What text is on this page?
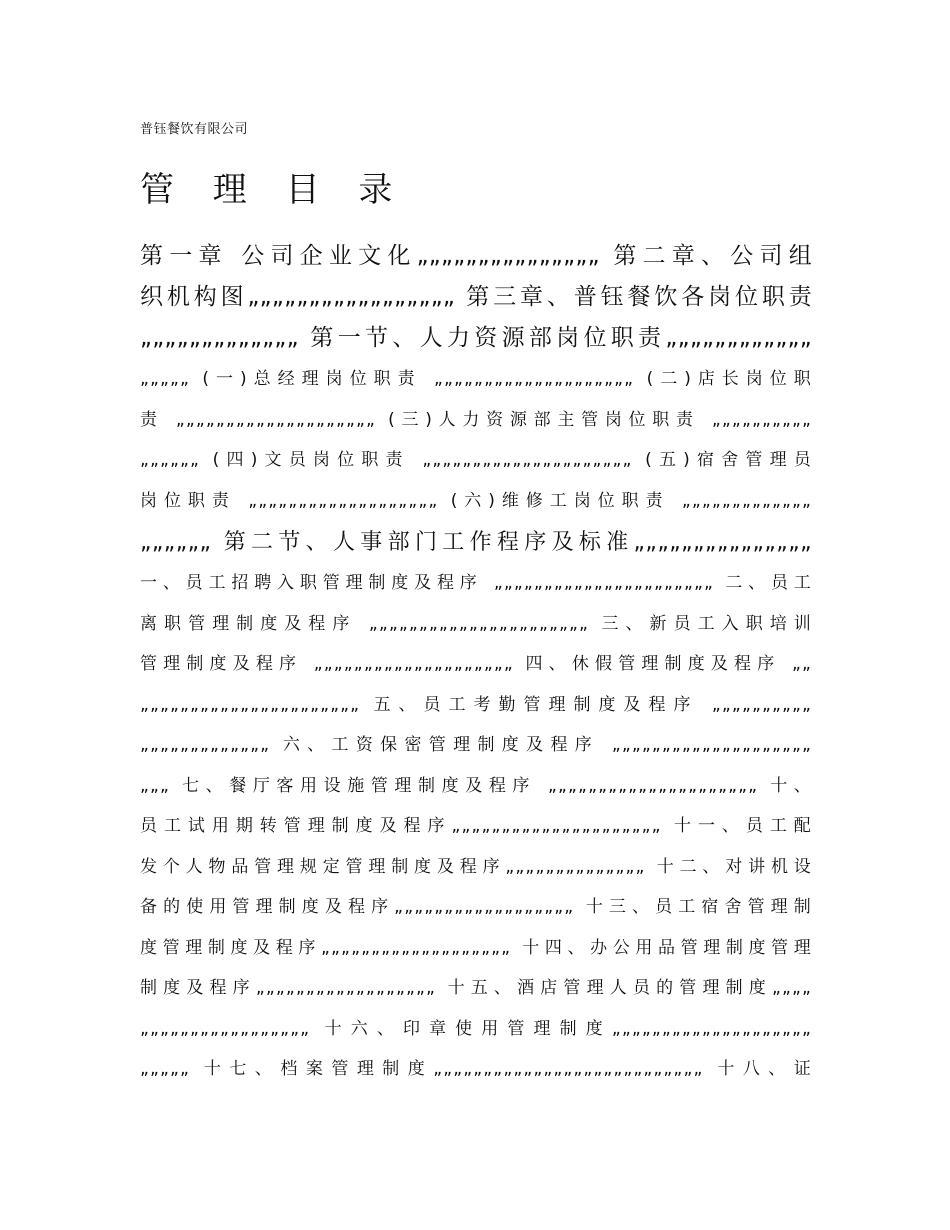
普钰餐饮有限公司
管 理 目 录
第一章 公司企业文化„„„„„„„„„„„„„„„ 第二章、公司组
织机构图„„„„„„„„„„„„„„„„„ 第三章、普钰餐饮各岗位职责
„„„„„„„„„„„„„ 第一节、人力资源部岗位职责„„„„„„„„„„„„
„„„„„ (一)总经理岗位职责 „„„„„„„„„„„„„„„„„„„„ (二)店长岗位职
责 „„„„„„„„„„„„„„„„„„„„ (三)人力资源部主管岗位职责 „„„„„„„„„„
„„„„„„ (四)文员岗位职责 „„„„„„„„„„„„„„„„„„„„„ (五)宿舍管理员
岗位职责 „„„„„„„„„„„„„„„„„„„ (六)维修工岗位职责 „„„„„„„„„„„„„
„„„„„„ 第二节、人事部门工作程序及标准„„„„„„„„„„„„„„„
一、员工招聘入职管理制度及程序 „„„„„„„„„„„„„„„„„„„„„„ 二、员工
离职管理制度及程序 „„„„„„„„„„„„„„„„„„„„„„ 三、新员工入职培训
管理制度及程序 „„„„„„„„„„„„„„„„„„„„ 四、休假管理制度及程序 „„
„„„„„„„„„„„„„„„„„„„„„„ 五、员工考勤管理制度及程序 „„„„„„„„„„
„„„„„„„„„„„„„ 六、工资保密管理制度及程序 „„„„„„„„„„„„„„„„„„„„
„„„ 七、餐厅客用设施管理制度及程序 „„„„„„„„„„„„„„„„„„„„„ 十、
员工试用期转管理制度及程序„„„„„„„„„„„„„„„„„„„„„ 十一、员工配
发个人物品管理规定管理制度及程序„„„„„„„„„„„„„„ 十二、对讲机设
备的使用管理制度及程序„„„„„„„„„„„„„„„„„„ 十三、员工宿舍管理制
度管理制度及程序„„„„„„„„„„„„„„„„„„„ 十四、办公用品管理制度管理
制度及程序„„„„„„„„„„„„„„„„„„ 十五、酒店管理人员的管理制度„„„„
„„„„„„„„„„„„„„„„„ 十六、印章使用管理制度„„„„„„„„„„„„„„„„„„„„
„„„„„ 十七、档案管理制度„„„„„„„„„„„„„„„„„„„„„„„„„„„ 十八、证
